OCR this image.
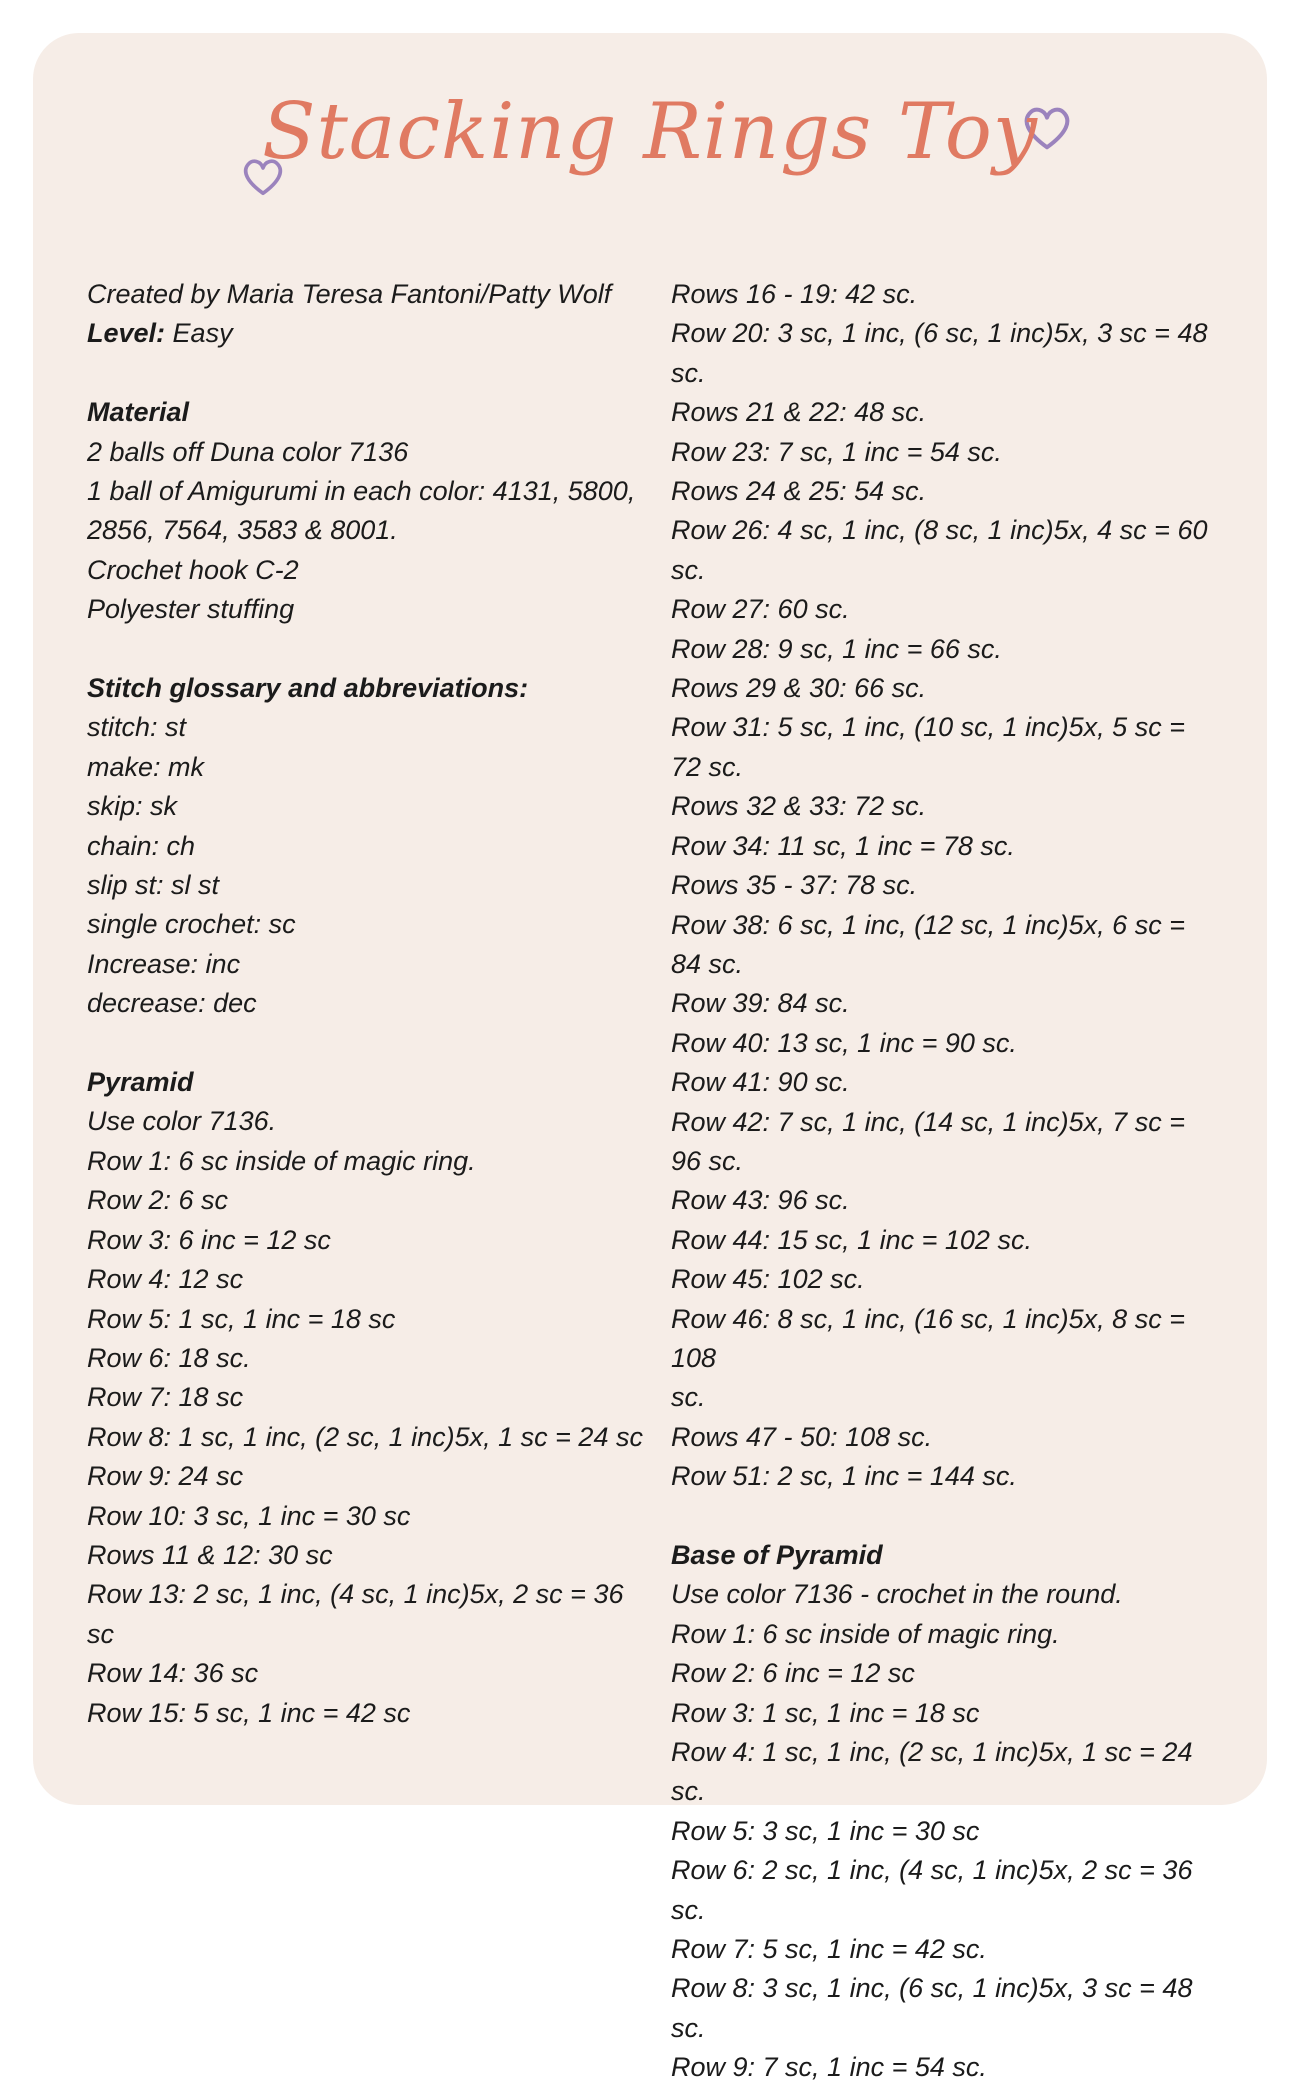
Stacking Rings Toy
Created by Maria Teresa Fantoni/Patty Wolf
Level: Easy
Material
2 balls off Duna color 7136
1 ball of Amigurumi in each color: 4131, 5800,
2856, 7564, 3583 & 8001.
Crochet hook C-2
Polyester stuffing
Stitch glossary and abbreviations:
stitch: st
make: mk
skip: sk
chain: ch
slip st: sl st
single crochet: sc
Increase: inc
decrease: dec
Pyramid
Use color 7136.
Row 1: 6 sc inside of magic ring.
Row 2: 6 sc
Row 3: 6 inc = 12 sc
Row 4: 12 sc
Row 5: 1 sc, 1 inc = 18 sc
Row 6: 18 sc.
Row 7: 18 sc
Row 8: 1 sc, 1 inc, (2 sc, 1 inc)5x, 1 sc = 24 sc
Row 9: 24 sc
Row 10: 3 sc, 1 inc = 30 sc
Rows 11 & 12: 30 sc
Row 13: 2 sc, 1 inc, (4 sc, 1 inc)5x, 2 sc = 36 sc
Row 14: 36 sc
Row 15: 5 sc, 1 inc = 42 sc
Rows 16 - 19: 42 sc.
Row 20: 3 sc, 1 inc, (6 sc, 1 inc)5x, 3 sc = 48 sc.
Rows 21 & 22: 48 sc.
Row 23: 7 sc, 1 inc = 54 sc.
Rows 24 & 25: 54 sc.
Row 26: 4 sc, 1 inc, (8 sc, 1 inc)5x, 4 sc = 60 sc.
Row 27: 60 sc.
Row 28: 9 sc, 1 inc = 66 sc.
Rows 29 & 30: 66 sc.
Row 31: 5 sc, 1 inc, (10 sc, 1 inc)5x, 5 sc = 72 sc.
Rows 32 & 33: 72 sc.
Row 34: 11 sc, 1 inc = 78 sc.
Rows 35 - 37: 78 sc.
Row 38: 6 sc, 1 inc, (12 sc, 1 inc)5x, 6 sc = 84 sc.
Row 39: 84 sc.
Row 40: 13 sc, 1 inc = 90 sc.
Row 41: 90 sc.
Row 42: 7 sc, 1 inc, (14 sc, 1 inc)5x, 7 sc = 96 sc.
Row 43: 96 sc.
Row 44: 15 sc, 1 inc = 102 sc.
Row 45: 102 sc.
Row 46: 8 sc, 1 inc, (16 sc, 1 inc)5x, 8 sc = 108
sc.
Rows 47 - 50: 108 sc.
Row 51: 2 sc, 1 inc = 144 sc.
Base of Pyramid
Use color 7136 - crochet in the round.
Row 1: 6 sc inside of magic ring.
Row 2: 6 inc = 12 sc
Row 3: 1 sc, 1 inc = 18 sc
Row 4: 1 sc, 1 inc, (2 sc, 1 inc)5x, 1 sc = 24 sc.
Row 5: 3 sc, 1 inc = 30 sc
Row 6: 2 sc, 1 inc, (4 sc, 1 inc)5x, 2 sc = 36 sc.
Row 7: 5 sc, 1 inc = 42 sc.
Row 8: 3 sc, 1 inc, (6 sc, 1 inc)5x, 3 sc = 48 sc.
Row 9: 7 sc, 1 inc = 54 sc.
